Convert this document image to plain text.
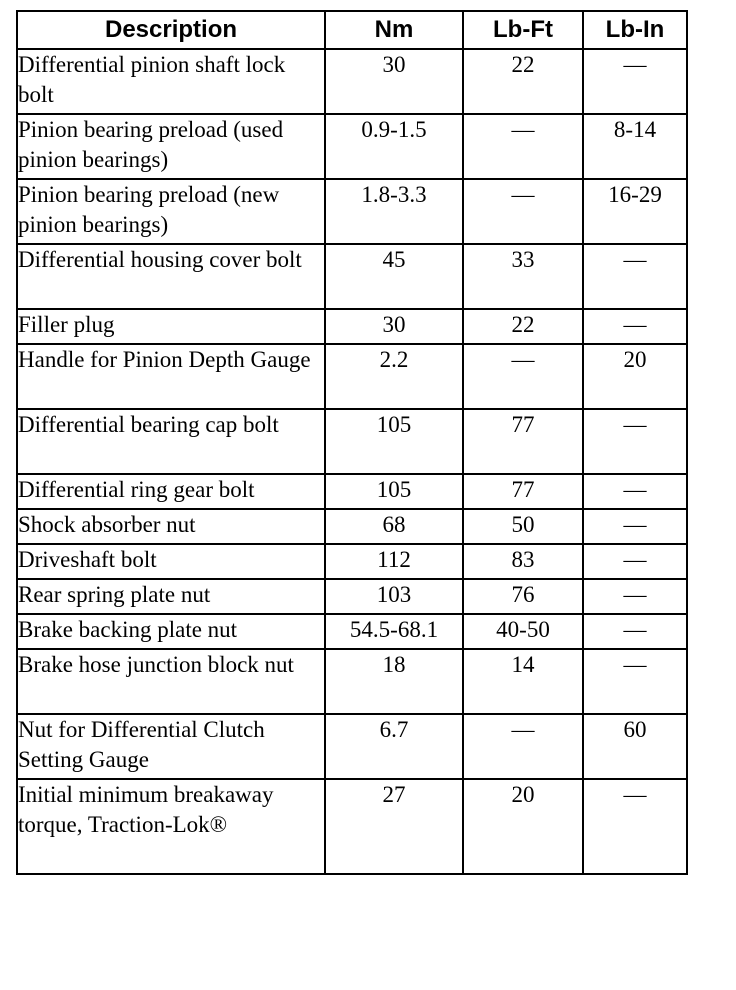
Description	Nm	Lb-Ft	Lb-In
Differential pinion shaft lock bolt	30	22	—
Pinion bearing preload (used pinion bearings)	0.9-1.5	—	8-14
Pinion bearing preload (new pinion bearings)	1.8-3.3	—	16-29
Differential housing cover bolt	45	33	—
Filler plug	30	22	—
Handle for Pinion Depth Gauge	2.2	—	20
Differential bearing cap bolt	105	77	—
Differential ring gear bolt	105	77	—
Shock absorber nut	68	50	—
Driveshaft bolt	112	83	—
Rear spring plate nut	103	76	—
Brake backing plate nut	54.5-68.1	40-50	—
Brake hose junction block nut	18	14	—
Nut for Differential Clutch Setting Gauge	6.7	—	60
Initial minimum breakaway torque, Traction-Lok®	27	20	—
